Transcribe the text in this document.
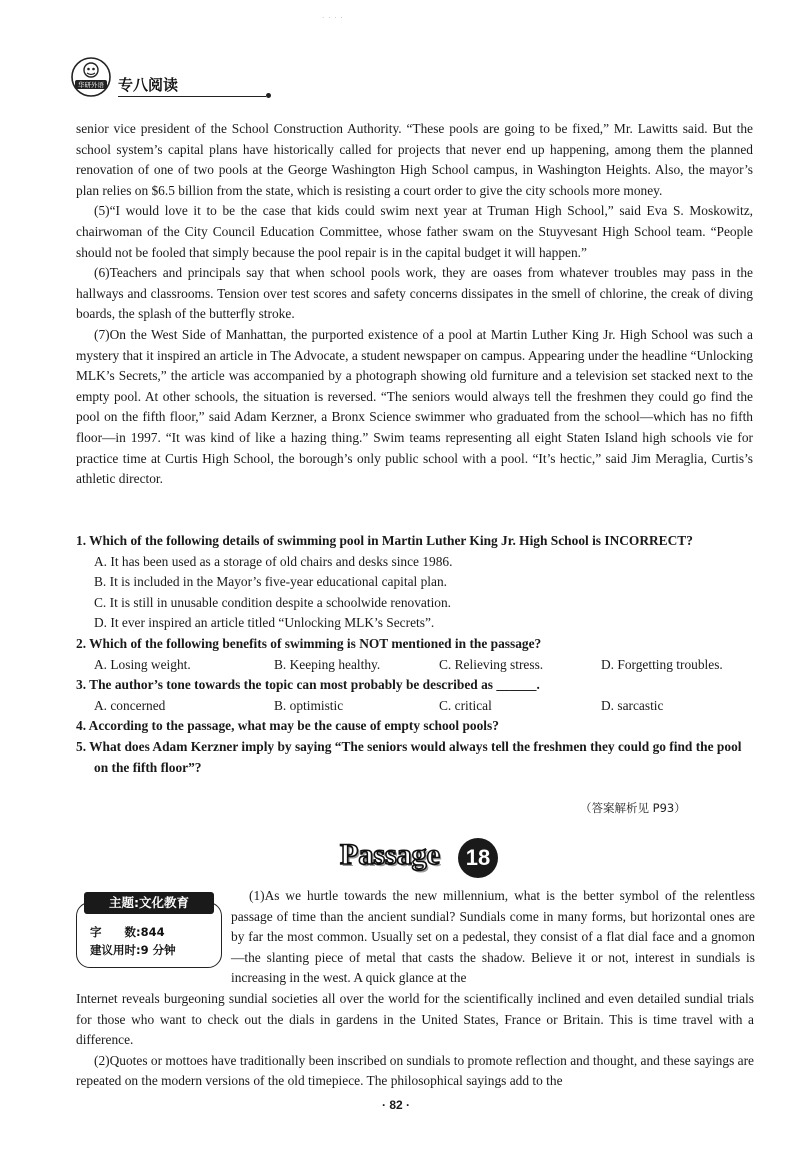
· · · ·
华研外语 专八阅读

senior vice president of the School Construction Authority. “These pools are going to be fixed,” Mr. Lawitts said. But the school system’s capital plans have historically called for projects that never end up happening, among them the planned renovation of one of two pools at the George Washington High School campus, in Washington Heights. Also, the mayor’s plan relies on $6.5 billion from the state, which is resisting a court order to give the city schools more money.

(5)“I would love it to be the case that kids could swim next year at Truman High School,” said Eva S. Moskowitz, chairwoman of the City Council Education Committee, whose father swam on the Stuyvesant High School team. “People should not be fooled that simply because the pool repair is in the capital budget it will happen.”

(6)Teachers and principals say that when school pools work, they are oases from whatever troubles may pass in the hallways and classrooms. Tension over test scores and safety concerns dissipates in the smell of chlorine, the creak of diving boards, the splash of the butterfly stroke.

(7)On the West Side of Manhattan, the purported existence of a pool at Martin Luther King Jr. High School was such a mystery that it inspired an article in The Advocate, a student newspaper on campus. Appearing under the headline “Unlocking MLK’s Secrets,” the article was accompanied by a photograph showing old furniture and a television set stacked next to the empty pool. At other schools, the situation is reversed. “The seniors would always tell the freshmen they could go find the pool on the fifth floor,” said Adam Kerzner, a Bronx Science swimmer who graduated from the school—which has no fifth floor—in 1997. “It was kind of like a hazing thing.” Swim teams representing all eight Staten Island high schools vie for practice time at Curtis High School, the borough’s only public school with a pool. “It’s hectic,” said Jim Meraglia, Curtis’s athletic director.

1. Which of the following details of swimming pool in Martin Luther King Jr. High School is INCORRECT?
A. It has been used as a storage of old chairs and desks since 1986.
B. It is included in the Mayor’s five-year educational capital plan.
C. It is still in unusable condition despite a schoolwide renovation.
D. It ever inspired an article titled “Unlocking MLK’s Secrets”.
2. Which of the following benefits of swimming is NOT mentioned in the passage?
A. Losing weight.	B. Keeping healthy.	C. Relieving stress.	D. Forgetting troubles.
3. The author’s tone towards the topic can most probably be described as ______.
A. concerned	B. optimistic	C. critical	D. sarcastic
4. According to the passage, what may be the cause of empty school pools?
5. What does Adam Kerzner imply by saying “The seniors would always tell the freshmen they could go find the pool on the fifth floor”?
（答案解析见 P93）
Passage	18
主题:文化教育
字　　数:844
建议用时:9 分钟

(1)As we hurtle towards the new millennium, what is the better symbol of the relentless passage of time than the ancient sundial? Sundials come in many forms, but horizontal ones are by far the most common. Usually set on a pedestal, they consist of a flat dial face and a gnomon—the slanting piece of metal that casts the shadow. Believe it or not, interest in sundials is increasing in the west. A quick glance at the

Internet reveals burgeoning sundial societies all over the world for the scientifically inclined and even detailed sundial trials for those who want to check out the dials in gardens in the United States, France or Britain. This is time travel with a difference.

(2)Quotes or mottoes have traditionally been inscribed on sundials to promote reflection and thought, and these sayings are repeated on the modern versions of the old timepiece. The philosophical sayings add to the

· 82 ·
